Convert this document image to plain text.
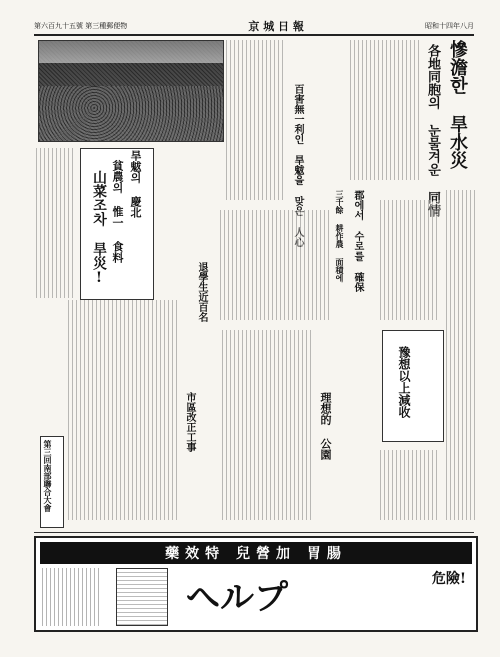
第六百九十五號 第三種郵便物	京 城 日 報	昭和十四年八月
慘澹한 旱水災
各地同胞의 눈물겨운 同情
旱魃의 慶北
貧農의 惟一 食料
山菜조차 旱災!	百害無一利인 旱魃을 맞은 人心	三千餘 耕作農 面積에 郡에서 수로를 確保
退學生近百名
市區改正工事	理想的 公園
豫想以上減收
第三回南部聯合大會
藥效特 兒營加 胃腸
へルプ	危險!
